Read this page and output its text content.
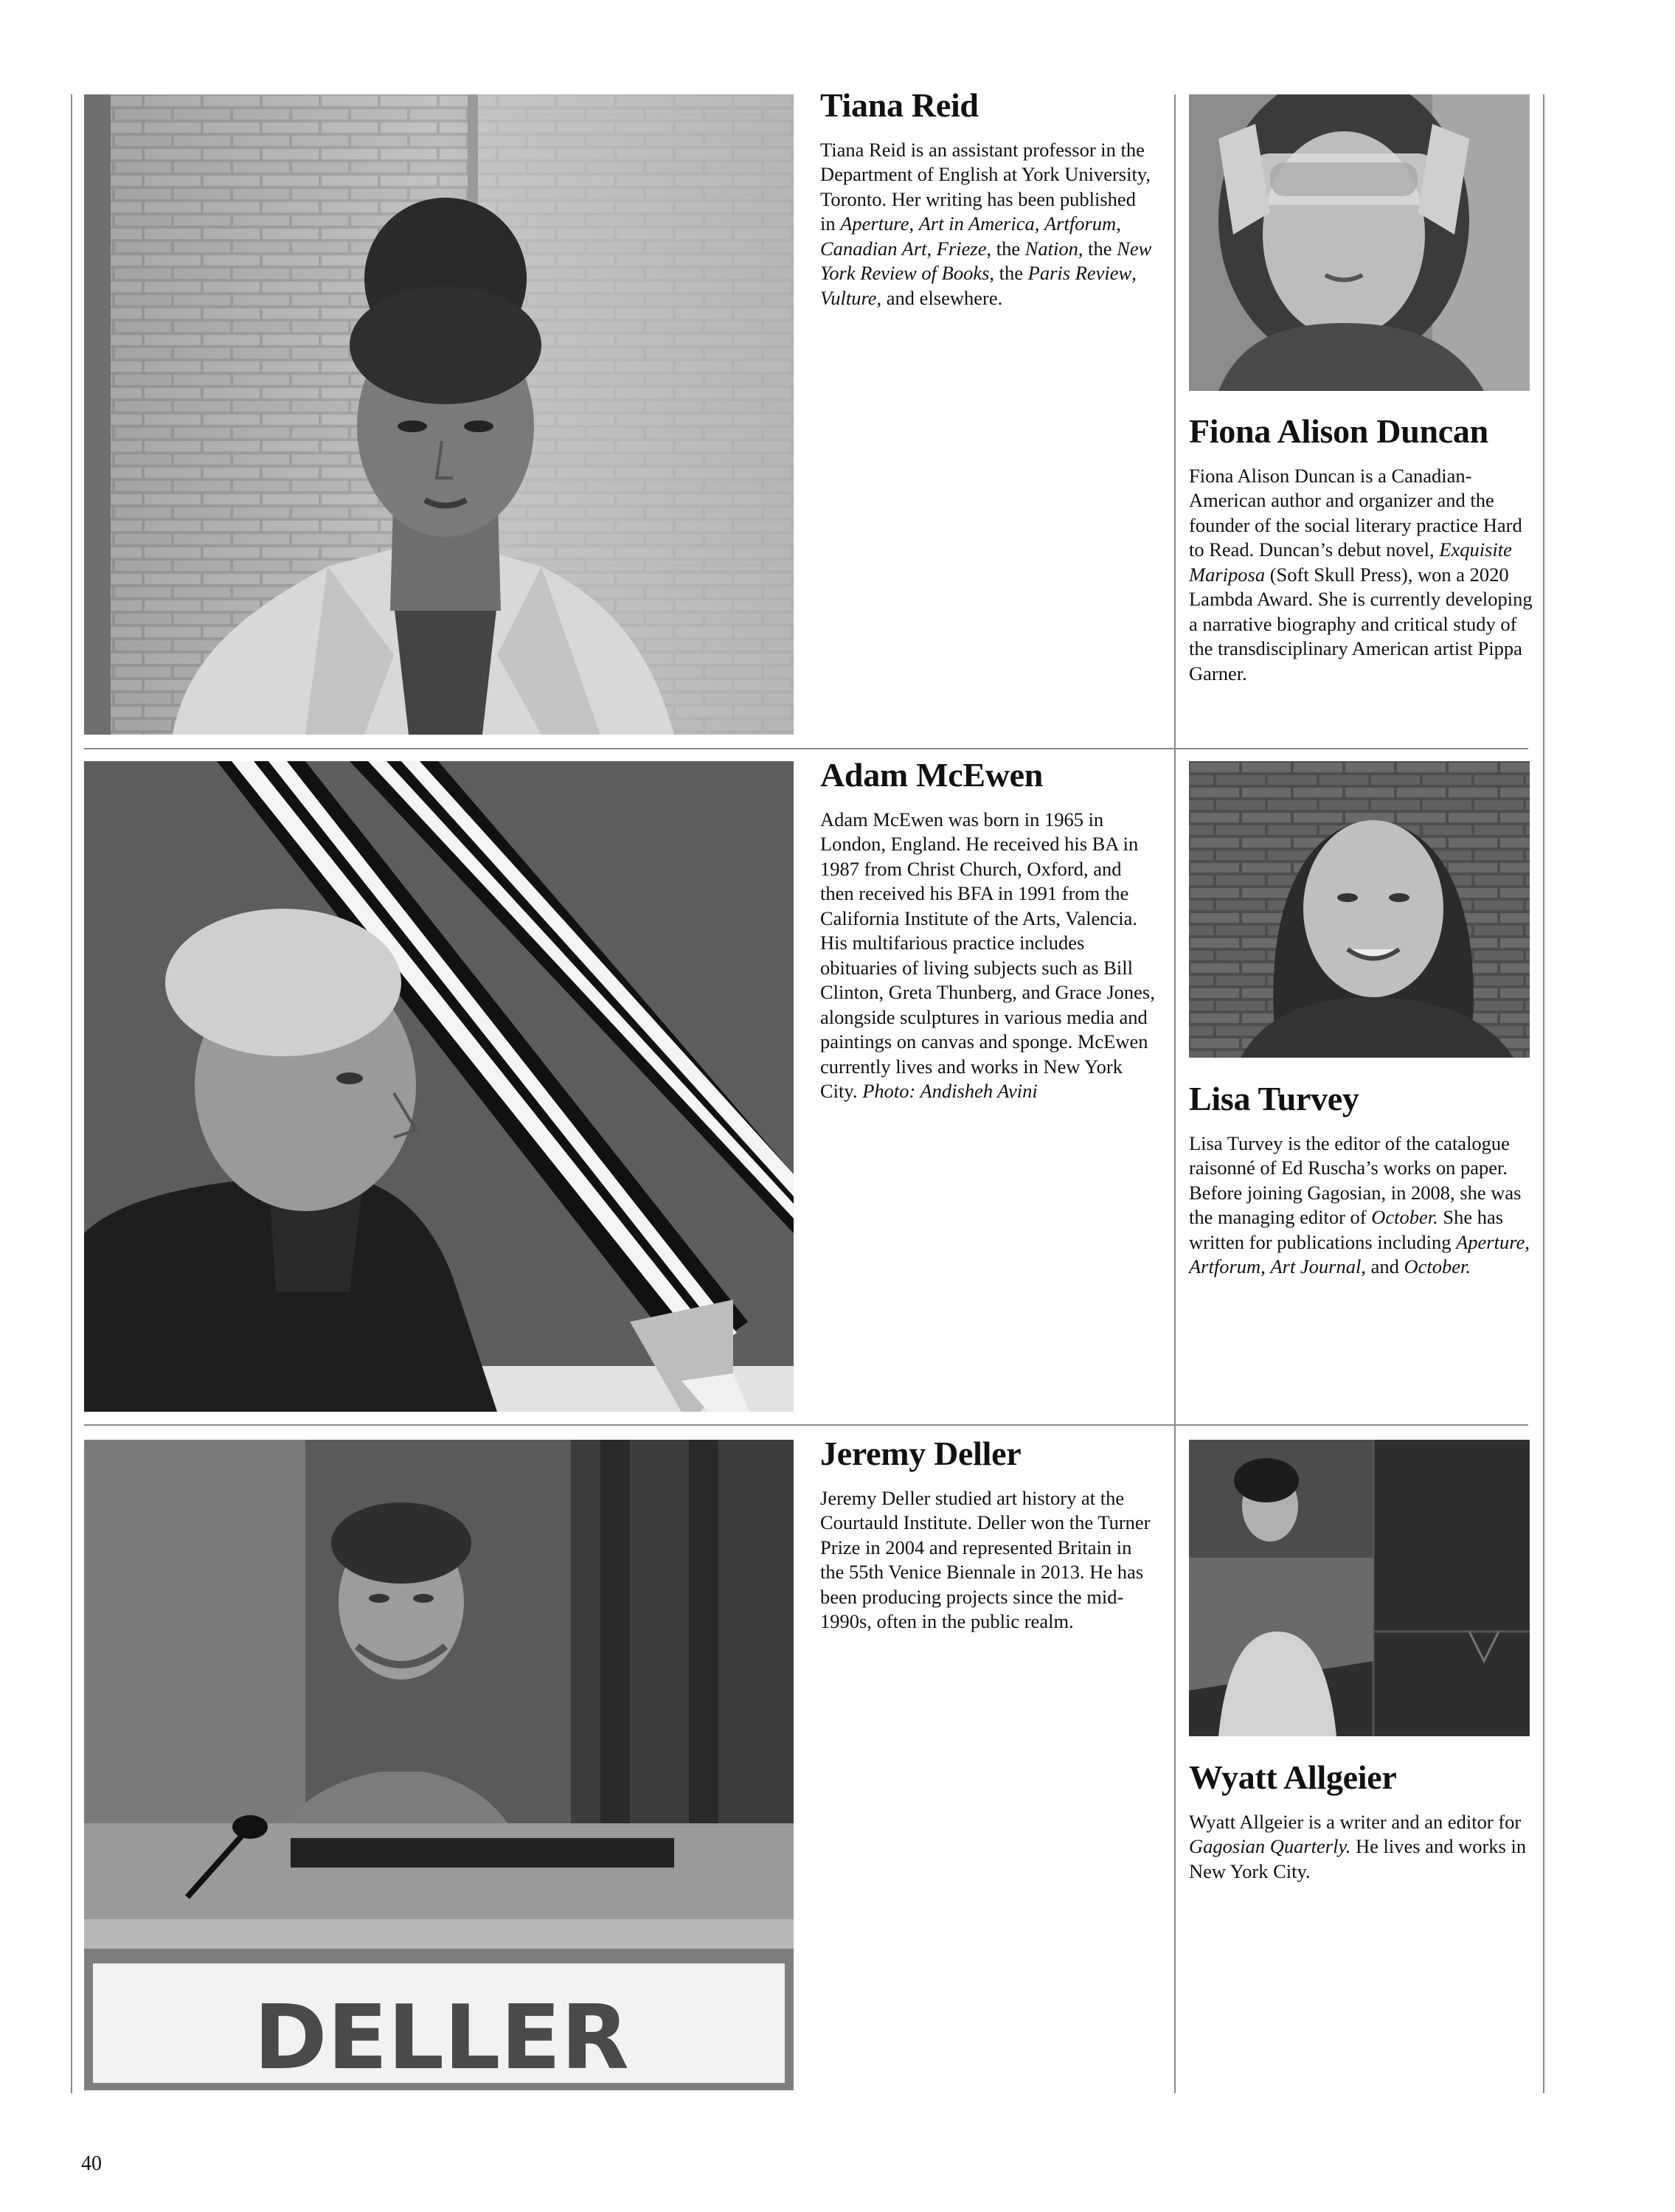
Tiana Reid

Tiana Reid is an assistant professor in the Department of English at York University, Toronto. Her writing has been published in Aperture, Art in America, Artforum, Canadian Art, Frieze, the Nation, the New York Review of Books, the Paris Review, Vulture, and elsewhere.

Fiona Alison Duncan

Fiona Alison Duncan is a Canadian-American author and organizer and the founder of the social literary practice Hard to Read. Duncan’s debut novel, Exquisite Mariposa (Soft Skull Press), won a 2020 Lambda Award. She is currently developing a narrative biography and critical study of the transdisciplinary American artist Pippa Garner.

Adam McEwen

Adam McEwen was born in 1965 in London, England. He received his BA in 1987 from Christ Church, Oxford, and then received his BFA in 1991 from the California Institute of the Arts, Valencia. His multifarious practice includes obituaries of living subjects such as Bill Clinton, Greta Thunberg, and Grace Jones, alongside sculptures in various media and paintings on canvas and sponge. McEwen currently lives and works in New York City. Photo: Andisheh Avini	Lisa Turvey

Lisa Turvey is the editor of the catalogue raisonné of Ed Ruscha’s works on paper. Before joining Gagosian, in 2008, she was the managing editor of October. She has written for publications including Aperture, Artforum, Art Journal, and October.

DELLER
Jeremy Deller

Jeremy Deller studied art history at the Courtauld Institute. Deller won the Turner Prize in 2004 and represented Britain in the 55th Venice Biennale in 2013. He has been producing projects since the mid-1990s, often in the public realm.

Wyatt Allgeier

Wyatt Allgeier is a writer and an editor for Gagosian Quarterly. He lives and works in New York City.

40
